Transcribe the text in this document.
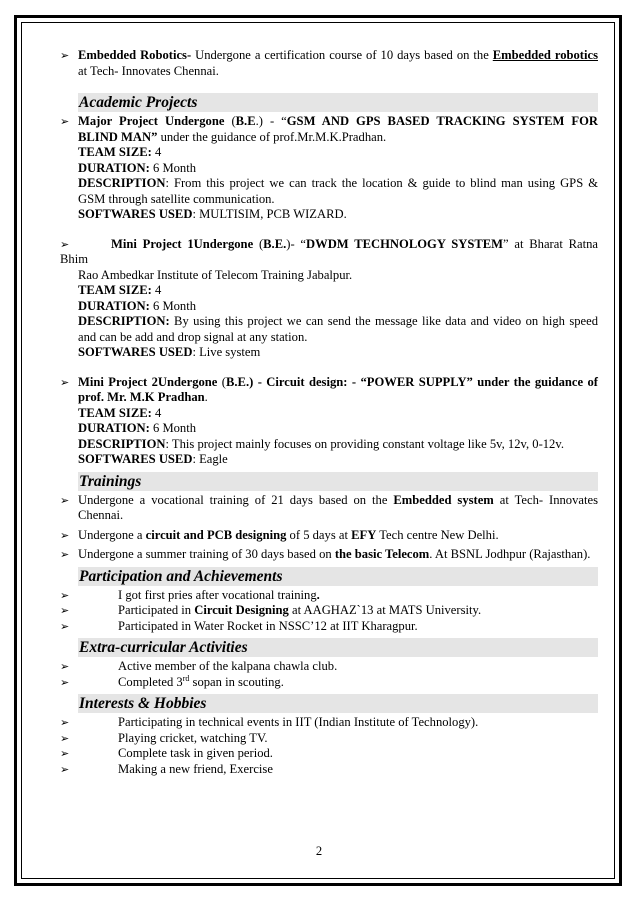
➢ Embedded Robotics- Undergone a certification course of 10 days based on the Embedded robotics at Tech- Innovates Chennai.
Academic Projects
➢ Major Project Undergone (B.E.) - “GSM AND GPS BASED TRACKING SYSTEM FOR BLIND MAN” under the guidance of prof.Mr.M.K.Pradhan.
TEAM SIZE: 4
DURATION: 6 Month
DESCRIPTION: From this project we can track the location & guide to blind man using GPS & GSM through satellite communication.
SOFTWARES USED: MULTISIM, PCB WIZARD.
➢	Mini Project 1Undergone (B.E.)- “DWDM TECHNOLOGY SYSTEM” at Bharat Ratna
Bhim
Rao Ambedkar Institute of Telecom Training Jabalpur.
TEAM SIZE: 4
DURATION: 6 Month
DESCRIPTION: By using this project we can send the message like data and video on high speed and can be add and drop signal at any station.
SOFTWARES USED: Live system
➢ Mini Project 2Undergone (B.E.) - Circuit design: - “POWER SUPPLY” under the guidance of prof. Mr. M.K Pradhan.
TEAM SIZE: 4
DURATION: 6 Month
DESCRIPTION: This project mainly focuses on providing constant voltage like 5v, 12v, 0-12v.
SOFTWARES USED: Eagle
Trainings
➢ Undergone a vocational training of 21 days based on the Embedded system at Tech- Innovates Chennai.
➢ Undergone a circuit and PCB designing of 5 days at EFY Tech centre New Delhi.
➢ Undergone a summer training of 30 days based on the basic Telecom. At BSNL Jodhpur (Rajasthan).
Participation and Achievements
➢	I got first pries after vocational training.
➢	Participated in Circuit Designing at AAGHAZ`13 at MATS University.
➢	Participated in Water Rocket in NSSC’12 at IIT Kharagpur.
Extra-curricular Activities
➢	Active member of the kalpana chawla club.
➢	Completed 3rd sopan in scouting.
Interests & Hobbies
➢	Participating in technical events in IIT (Indian Institute of Technology).
➢	Playing cricket, watching TV.
➢	Complete task in given period.
➢	Making a new friend, Exercise
2
